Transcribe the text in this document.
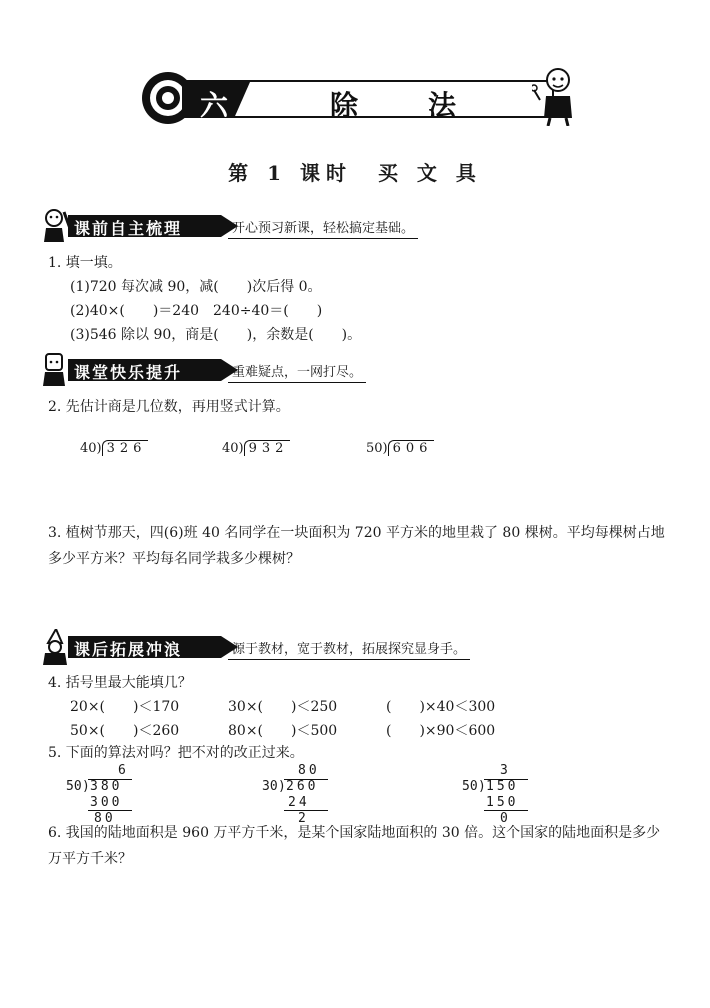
六	除法
第 1 课时　买 文 具
课前自主梳理	开心预习新课，轻松搞定基础。
1. 填一填。
(1)720 每次减 90，减(　　)次后得 0。
(2)40×(　　)＝240　240÷40＝(　　)
(3)546 除以 90，商是(　　)，余数是(　　)。
课堂快乐提升	重难疑点，一网打尽。
2. 先估计商是几位数，再用竖式计算。
40) 326	40) 932	50) 606
3. 植树节那天，四(6)班 40 名同学在一块面积为 720 平方米的地里栽了 80 棵树。平均每棵树占地多少平方米？平均每名同学栽多少棵树？
课后拓展冲浪	源于教材，宽于教材，拓展探究显身手。
4. 括号里最大能填几？
20×(　　)＜170	30×(　　)＜250	(　　)×40＜300
50×(　　)＜260	80×(　　)＜500	(　　)×90＜600
5. 下面的算法对吗？把不对的改正过来。
6
50 ) 380
300
80
80
30 ) 260
24
2
3
50 ) 150
150
0
6. 我国的陆地面积是 960 万平方千米，是某个国家陆地面积的 30 倍。这个国家的陆地面积是多少万平方千米？
